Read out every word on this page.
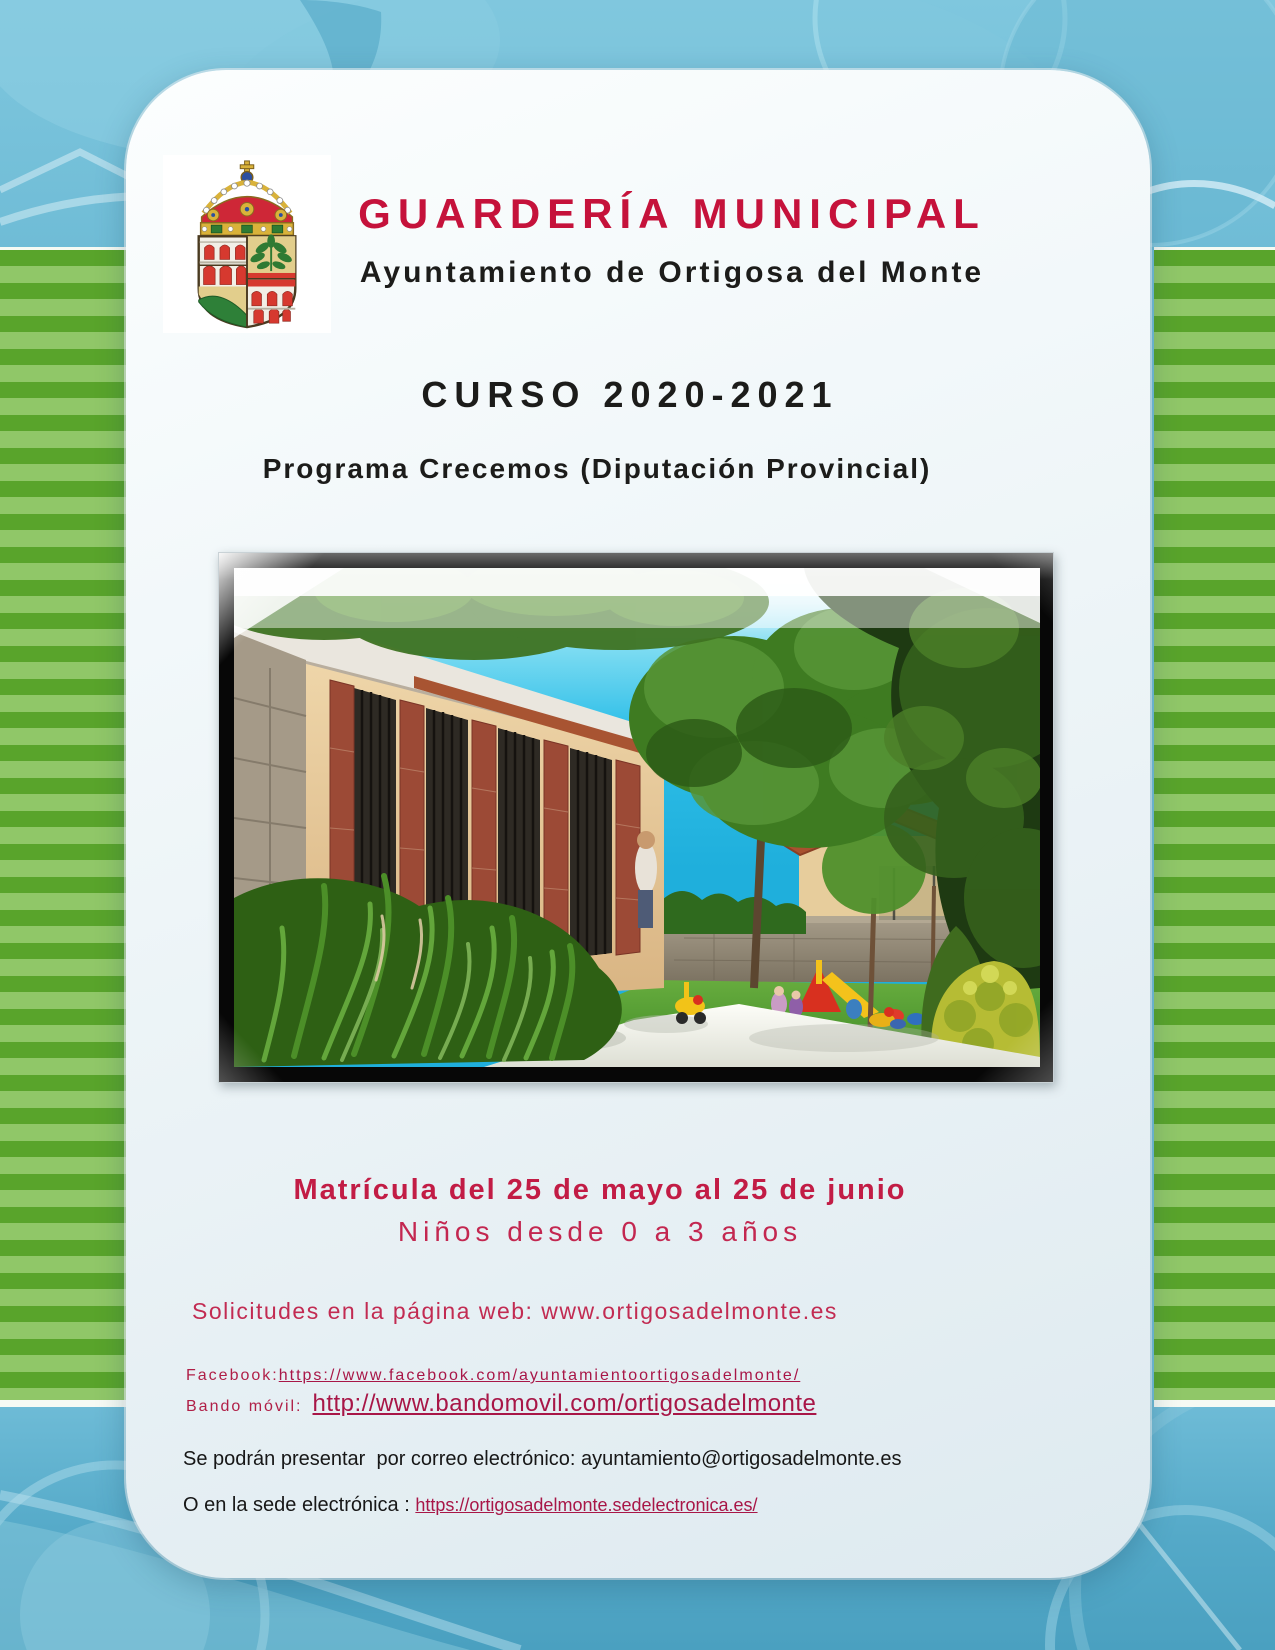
GUARDERÍA MUNICIPAL
Ayuntamiento de Ortigosa del Monte
CURSO 2020-2021
Programa Crecemos (Diputación Provincial)
Matrícula del 25 de mayo al 25 de junio
Niños desde 0 a 3 años
Solicitudes en la página web: www.ortigosadelmonte.es
Facebook:https://www.facebook.com/ayuntamientoortigosadelmonte/
Bando móvil: http://www.bandomovil.com/ortigosadelmonte
Se podrán presentar  por correo electrónico: ayuntamiento@ortigosadelmonte.es
O en la sede electrónica : https://ortigosadelmonte.sedelectronica.es/
